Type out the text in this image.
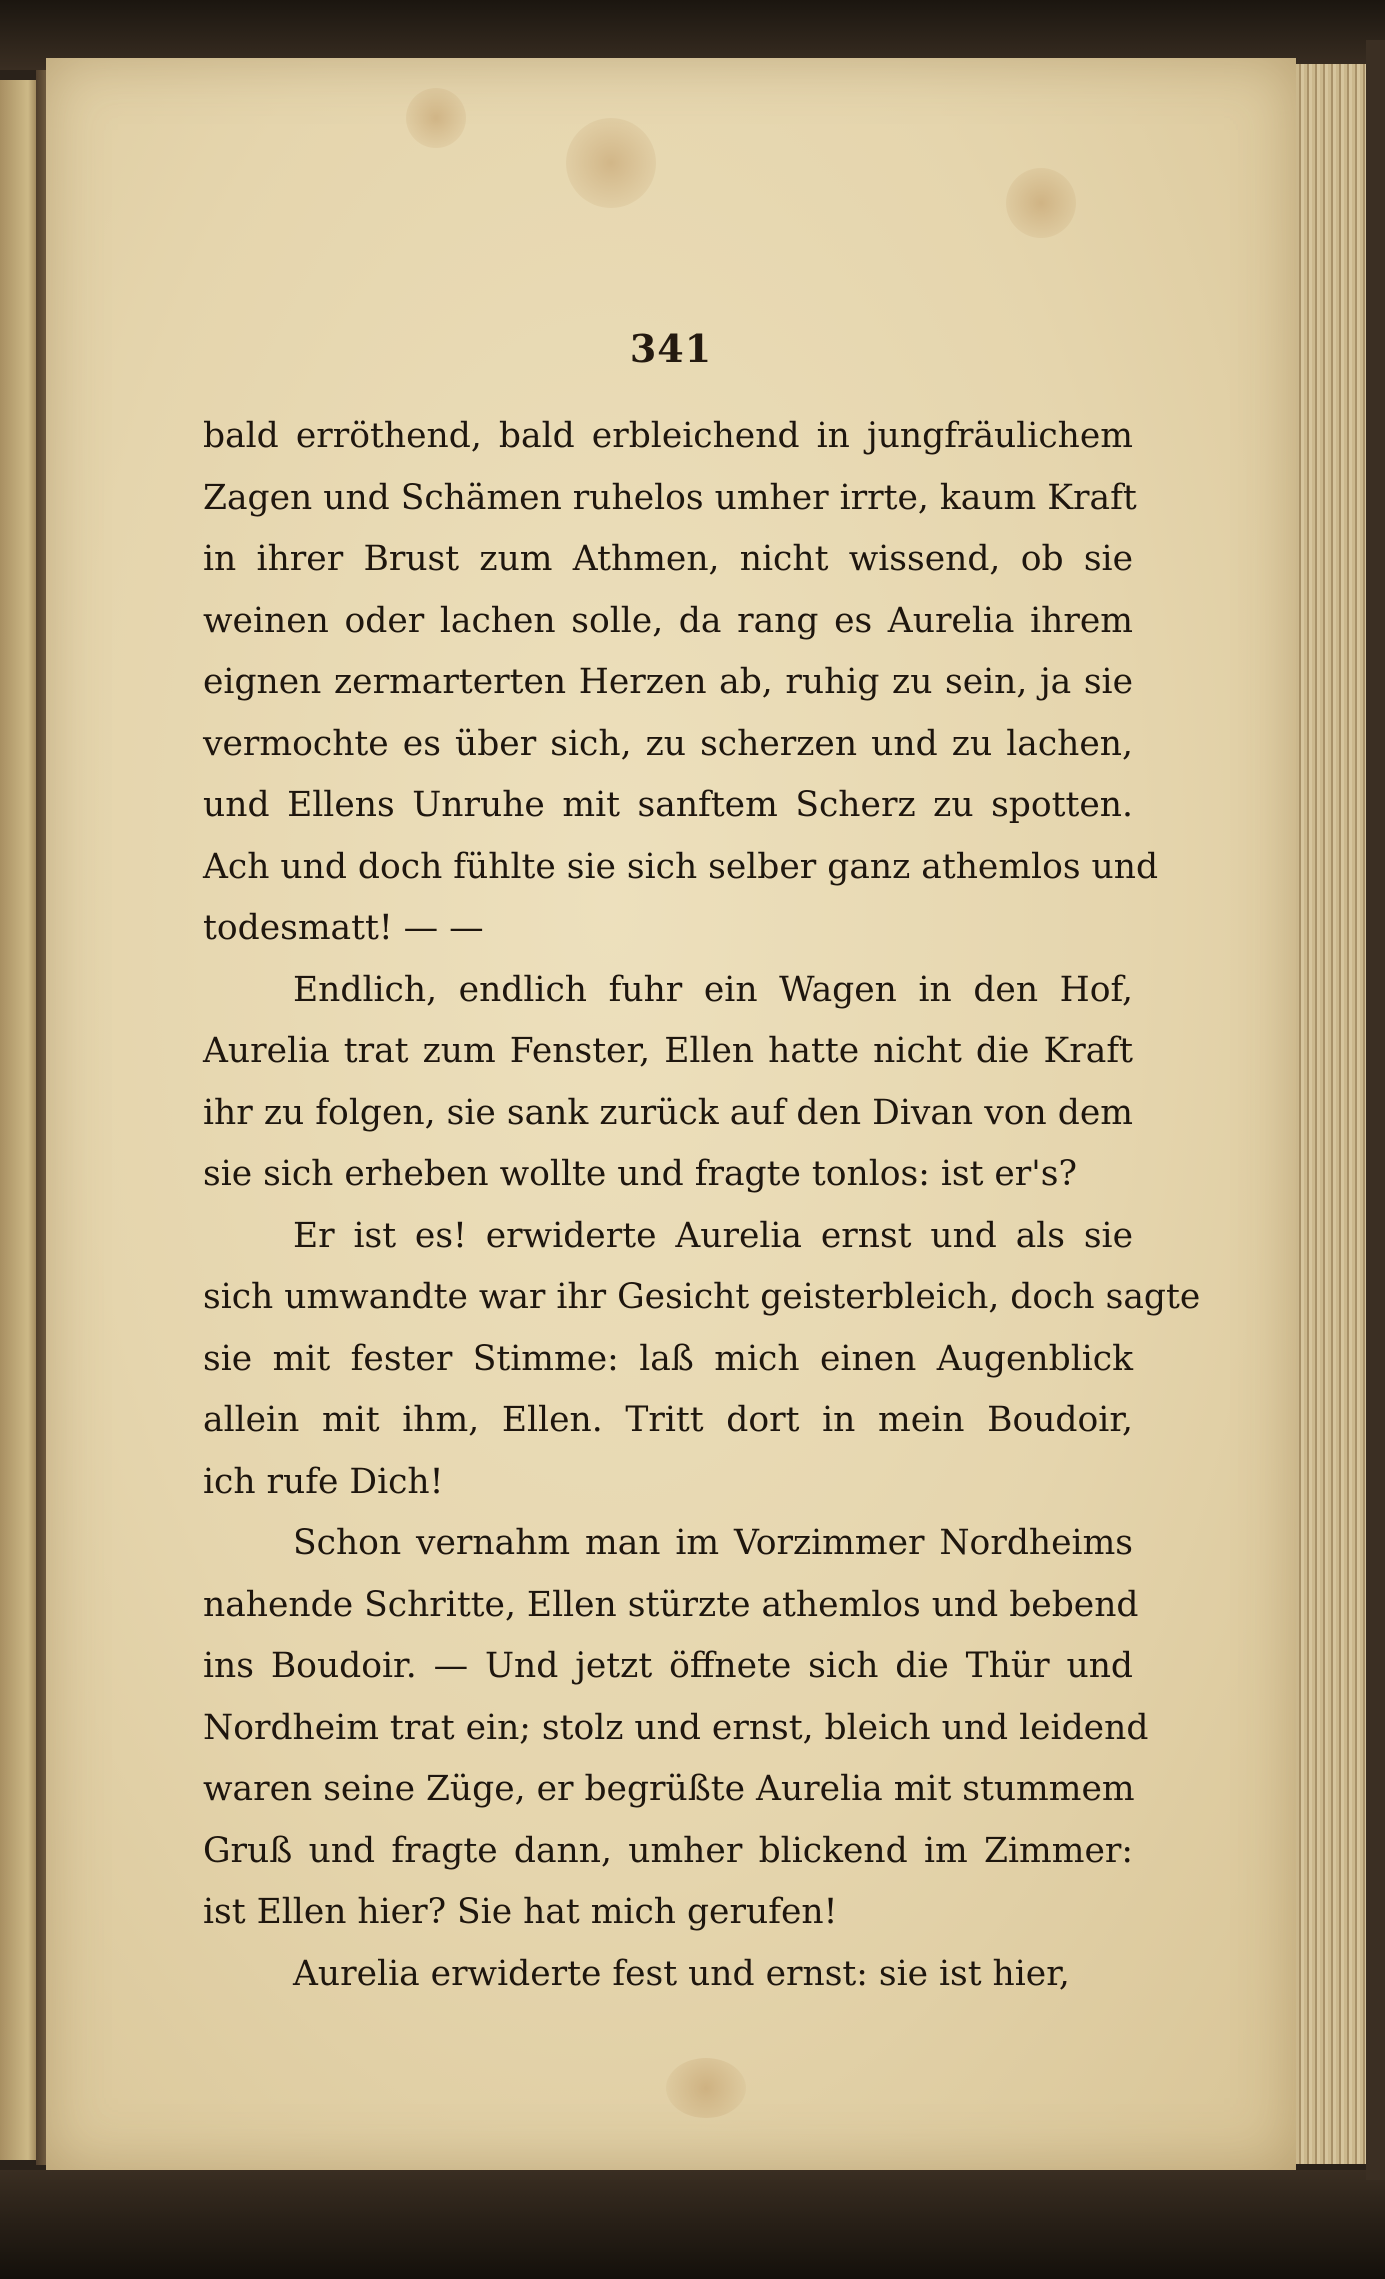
341
bald erröthend, bald erbleichend in jungfräulichem
Zagen und Schämen ruhelos umher irrte, kaum Kraft
in ihrer Brust zum Athmen, nicht wissend, ob sie
weinen oder lachen solle, da rang es Aurelia ihrem
eignen zermarterten Herzen ab, ruhig zu sein, ja sie
vermochte es über sich, zu scherzen und zu lachen,
und Ellens Unruhe mit sanftem Scherz zu spotten.
Ach und doch fühlte sie sich selber ganz athemlos und
todesmatt! — —
Endlich, endlich fuhr ein Wagen in den Hof,
Aurelia trat zum Fenster, Ellen hatte nicht die Kraft
ihr zu folgen, sie sank zurück auf den Divan von dem
sie sich erheben wollte und fragte tonlos: ist er's?
Er ist es! erwiderte Aurelia ernst und als sie
sich umwandte war ihr Gesicht geisterbleich, doch sagte
sie mit fester Stimme: laß mich einen Augenblick
allein mit ihm, Ellen. Tritt dort in mein Boudoir,
ich rufe Dich!
Schon vernahm man im Vorzimmer Nordheims
nahende Schritte, Ellen stürzte athemlos und bebend
ins Boudoir. — Und jetzt öffnete sich die Thür und
Nordheim trat ein; stolz und ernst, bleich und leidend
waren seine Züge, er begrüßte Aurelia mit stummem
Gruß und fragte dann, umher blickend im Zimmer:
ist Ellen hier? Sie hat mich gerufen!
Aurelia erwiderte fest und ernst: sie ist hier,
